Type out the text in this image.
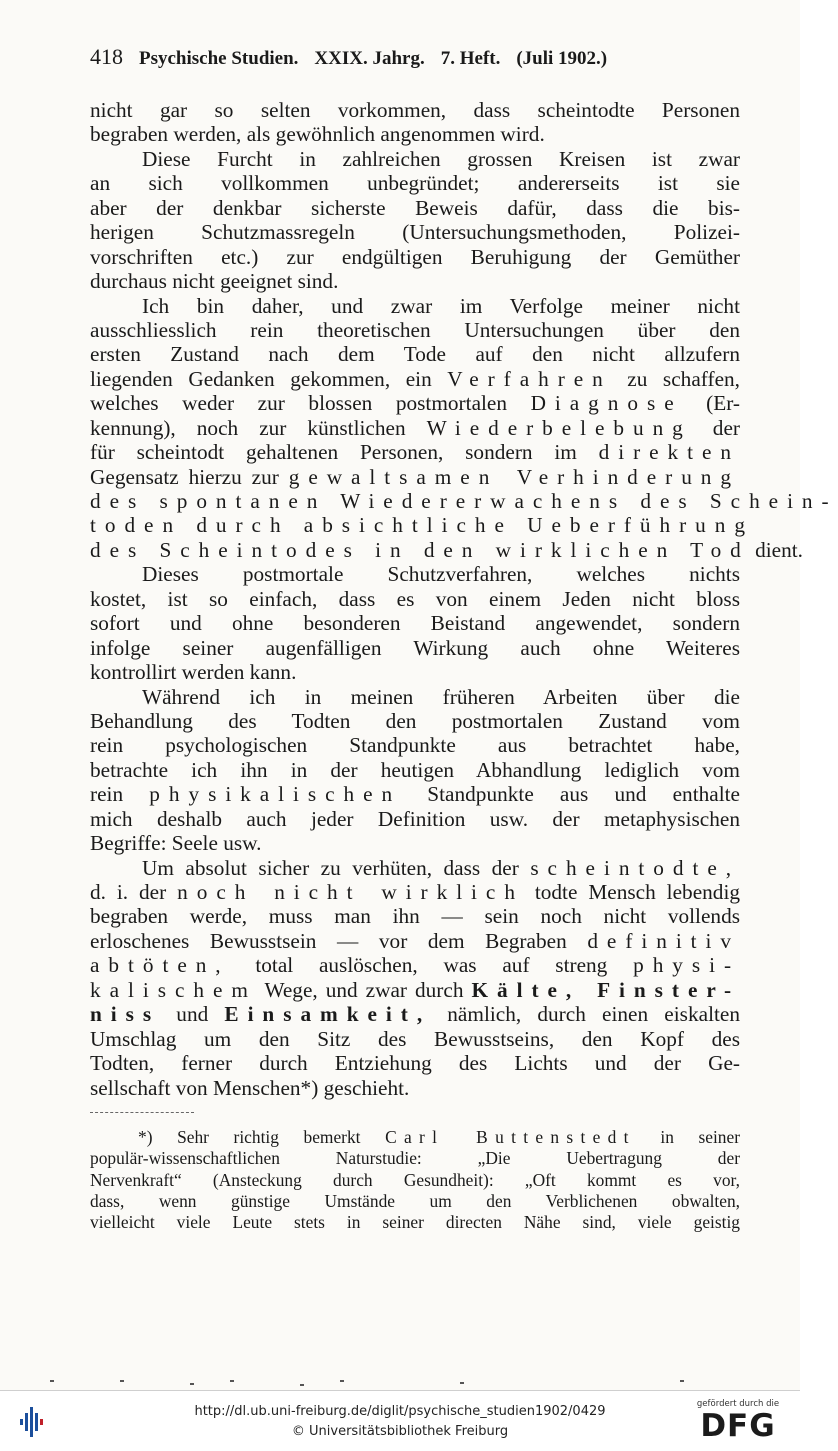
418 Psychische Studien. XXIX. Jahrg. 7. Heft. (Juli 1902.)
nicht gar so selten vorkommen, dass scheintodte Personen
begraben werden, als gewöhnlich angenommen wird.
Diese Furcht in zahlreichen grossen Kreisen ist zwar
an sich vollkommen unbegründet; andererseits ist sie
aber der denkbar sicherste Beweis dafür, dass die bis-
herigen Schutzmassregeln (Untersuchungsmethoden, Polizei-
vorschriften etc.) zur endgültigen Beruhigung der Gemüther
durchaus nicht geeignet sind.
Ich bin daher, und zwar im Verfolge meiner nicht
ausschliesslich rein theoretischen Untersuchungen über den
ersten Zustand nach dem Tode auf den nicht allzufern
liegenden Gedanken gekommen, ein Verfahren zu schaffen,
welches weder zur blossen postmortalen Diagnose (Er-
kennung), noch zur künstlichen Wiederbelebung der
für scheintodt gehaltenen Personen, sondern im direkten
Gegensatz hierzu zur gewaltsamen Verhinderung
des spontanen Wiedererwachens des Schein-
toden durch absichtliche Ueberführung
des Scheintodes in den wirklichen Tod dient.
Dieses postmortale Schutzverfahren, welches nichts
kostet, ist so einfach, dass es von einem Jeden nicht bloss
sofort und ohne besonderen Beistand angewendet, sondern
infolge seiner augenfälligen Wirkung auch ohne Weiteres
kontrollirt werden kann.
Während ich in meinen früheren Arbeiten über die
Behandlung des Todten den postmortalen Zustand vom
rein psychologischen Standpunkte aus betrachtet habe,
betrachte ich ihn in der heutigen Abhandlung lediglich vom
rein physikalischen Standpunkte aus und enthalte
mich deshalb auch jeder Definition usw. der metaphysischen
Begriffe: Seele usw.
Um absolut sicher zu verhüten, dass der scheintodte,
d. i. der noch nicht wirklich todte Mensch lebendig
begraben werde, muss man ihn — sein noch nicht vollends
erloschenes Bewusstsein — vor dem Begraben definitiv
abtöten, total auslöschen, was auf streng physi-
kalischem Wege, und zwar durch Kälte, Finster-
niss und Einsamkeit, nämlich, durch einen eiskalten
Umschlag um den Sitz des Bewusstseins, den Kopf des
Todten, ferner durch Entziehung des Lichts und der Ge-
sellschaft von Menschen*) geschieht.
*) Sehr richtig bemerkt Carl Buttenstedt in seiner
populär-wissenschaftlichen Naturstudie: „Die Uebertragung der
Nervenkraft“ (Ansteckung durch Gesundheit): „Oft kommt es vor,
dass, wenn günstige Umstände um den Verblichenen obwalten,
vielleicht viele Leute stets in seiner directen Nähe sind, viele geistig
http://dl.ub.uni-freiburg.de/diglit/psychische_studien1902/0429
© Universitätsbibliothek Freiburg
gefördert durch die
DFG
